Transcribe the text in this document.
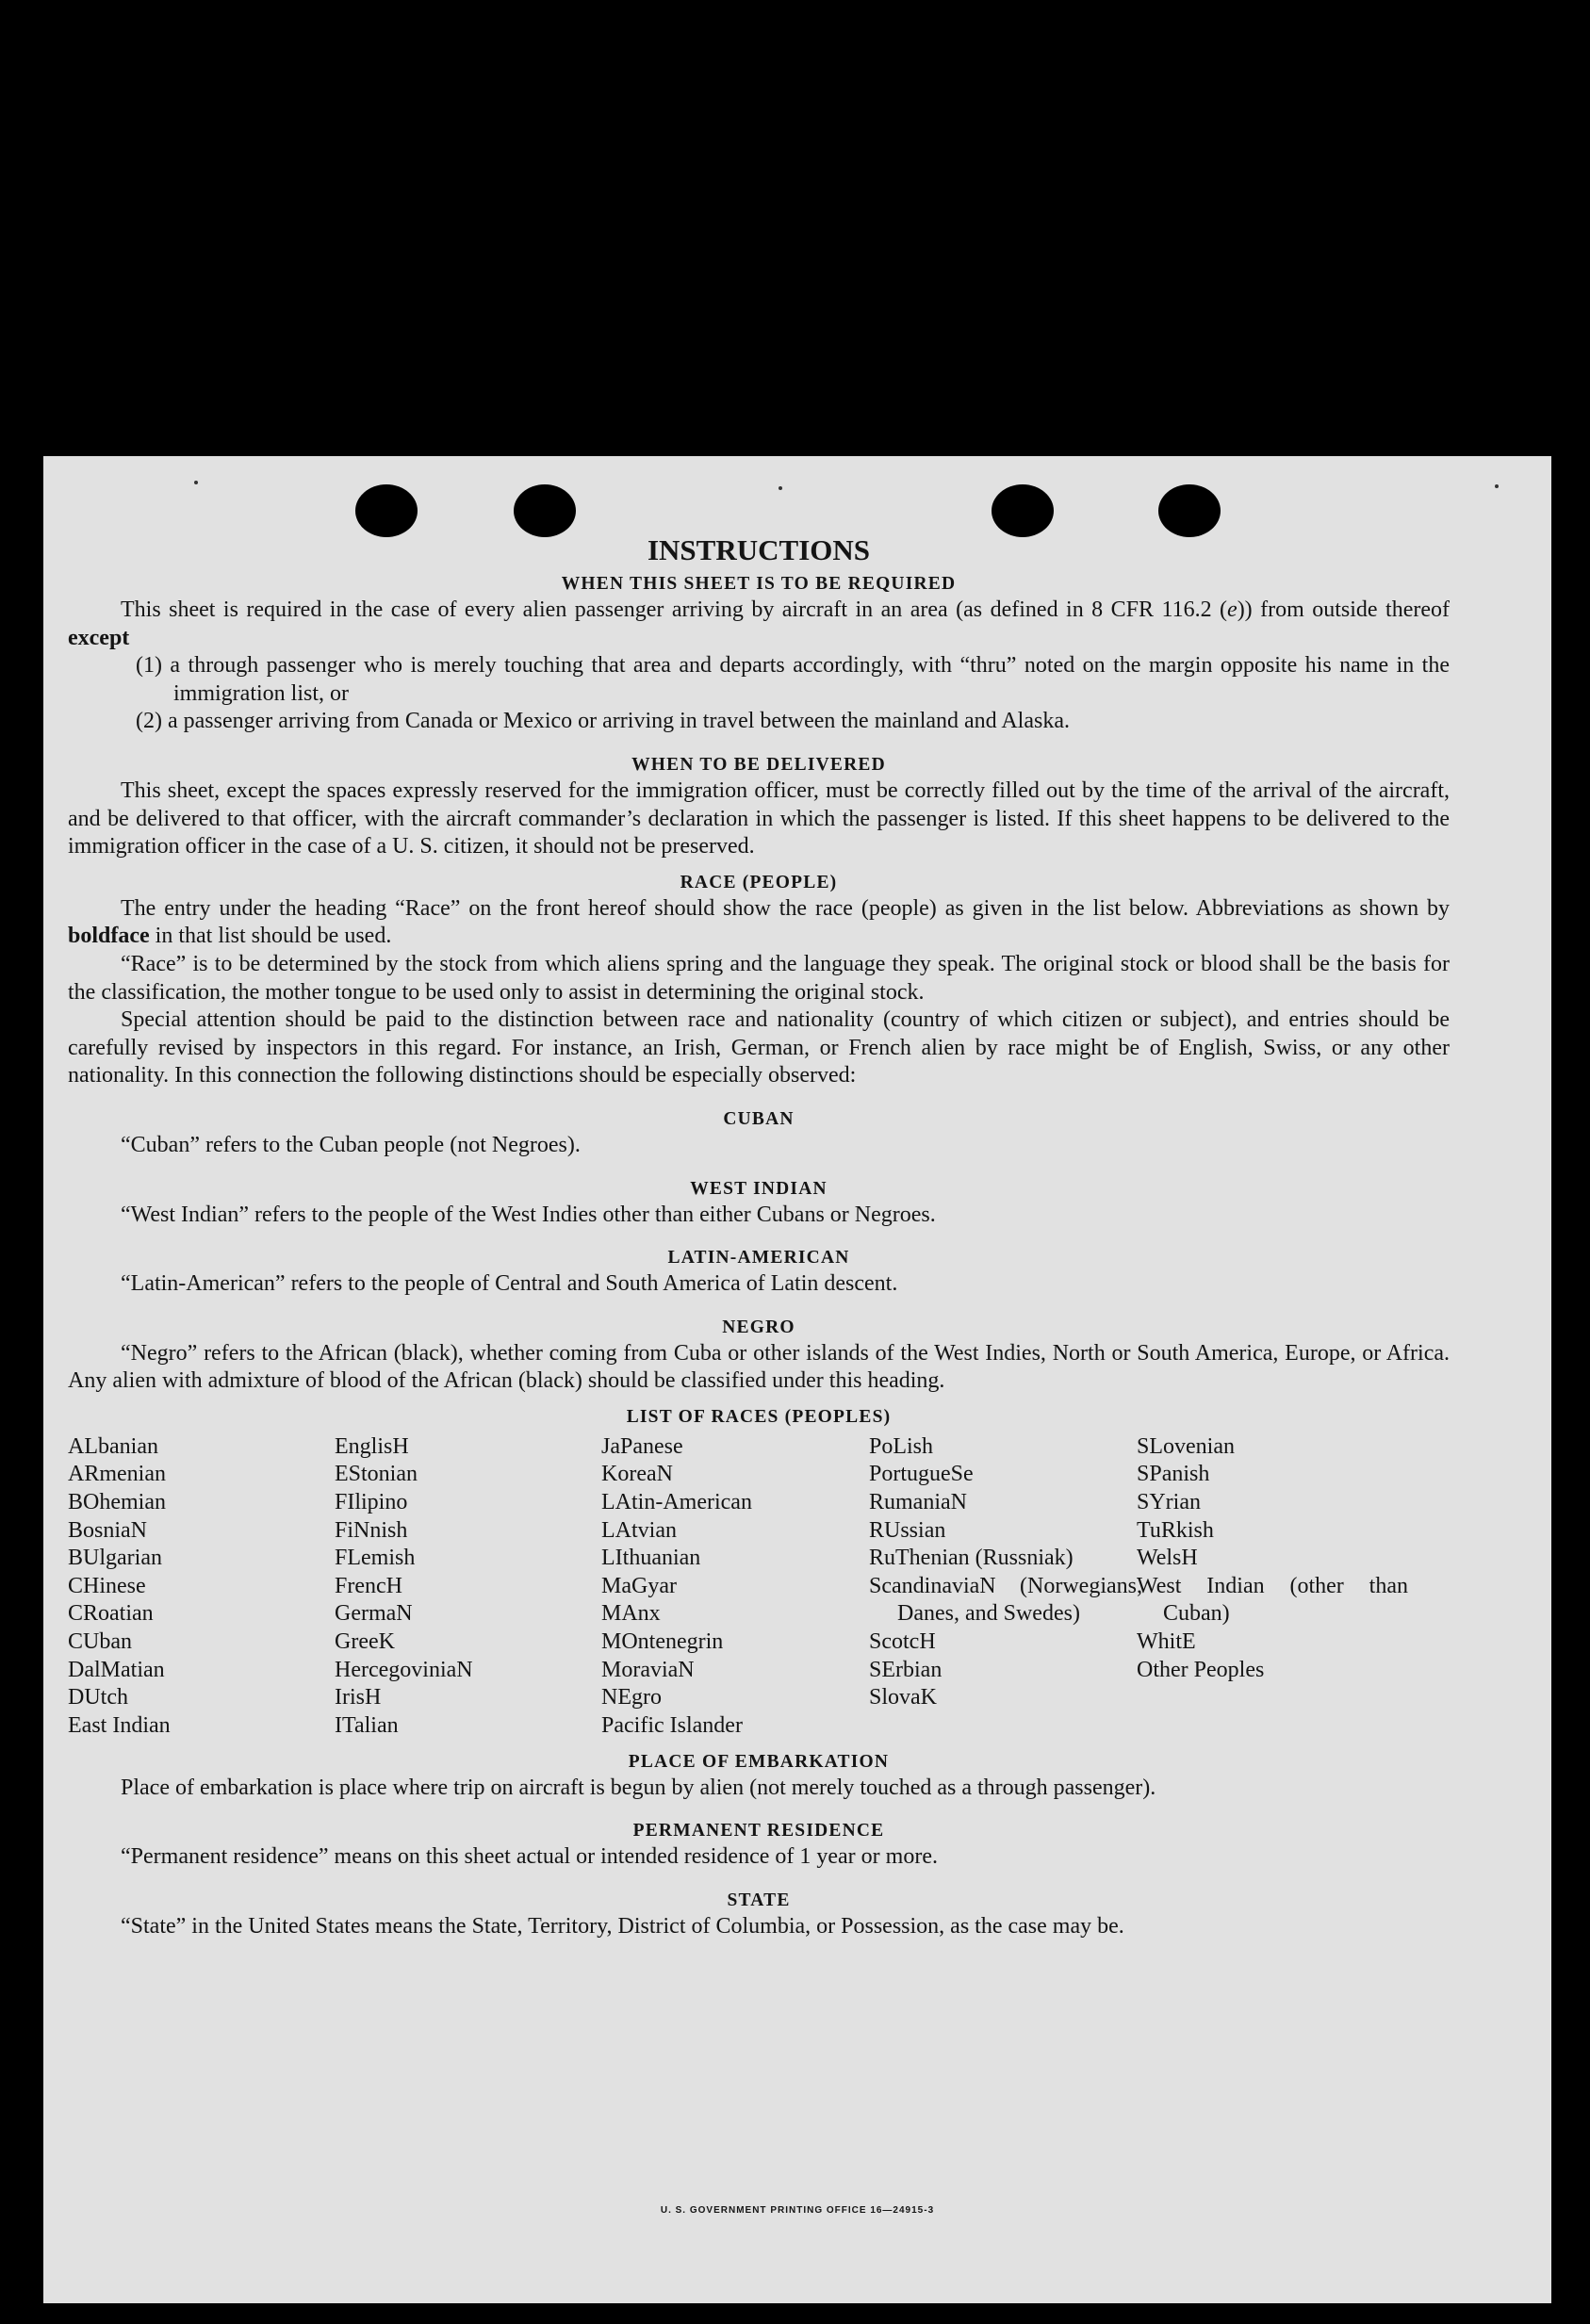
INSTRUCTIONS
WHEN THIS SHEET IS TO BE REQUIRED

This sheet is required in the case of every alien passenger arriving by aircraft in an area (as defined in 8 CFR 116.2 (e)) from outside thereof except

(1) a through passenger who is merely touching that area and departs accordingly, with “thru” noted on the margin opposite his name in the immigration list, or

(2) a passenger arriving from Canada or Mexico or arriving in travel between the mainland and Alaska.

WHEN TO BE DELIVERED

This sheet, except the spaces expressly reserved for the immigration officer, must be correctly filled out by the time of the arrival of the aircraft, and be delivered to that officer, with the aircraft commander’s declaration in which the passenger is listed. If this sheet happens to be delivered to the immigration officer in the case of a U. S. citizen, it should not be preserved.

RACE (PEOPLE)

The entry under the heading “Race” on the front hereof should show the race (people) as given in the list below. Abbreviations as shown by boldface in that list should be used.

“Race” is to be determined by the stock from which aliens spring and the language they speak. The original stock or blood shall be the basis for the classification, the mother tongue to be used only to assist in determining the original stock.

Special attention should be paid to the distinction between race and nationality (country of which citizen or subject), and entries should be carefully revised by inspectors in this regard. For instance, an Irish, German, or French alien by race might be of English, Swiss, or any other nationality. In this connection the following distinctions should be especially observed:

CUBAN

“Cuban” refers to the Cuban people (not Negroes).

WEST INDIAN

“West Indian” refers to the people of the West Indies other than either Cubans or Negroes.

LATIN-AMERICAN

“Latin-American” refers to the people of Central and South America of Latin descent.

NEGRO

“Negro” refers to the African (black), whether coming from Cuba or other islands of the West Indies, North or South America, Europe, or Africa. Any alien with admixture of blood of the African (black) should be classified under this heading.

LIST OF RACES (PEOPLES)
ALbanian
ARmenian
BOhemian
BosniaN
BUlgarian
CHinese
CRoatian
CUban
DalMatian
DUtch
East Indian
EnglisH
EStonian
FIlipino
FiNnish
FLemish
FrencH
GermaN
GreeK
HercegoviniaN
IrisH
ITalian
JaPanese
KoreaN
LAtin-American
LAtvian
LIthuanian
MaGyar
MAnx
MOntenegrin
MoraviaN
NEgro
Pacific Islander
PoLish
PortugueSe
RumaniaN
RUssian
RuThenian (Russniak)
ScandinaviaN (Norwegians, Danes, and Swedes)
ScotcH
SErbian
SlovaK
SLovenian
SPanish
SYrian
TuRkish
WelsH
West Indian (other than Cuban)
WhitE
Other Peoples
PLACE OF EMBARKATION

Place of embarkation is place where trip on aircraft is begun by alien (not merely touched as a through passenger).

PERMANENT RESIDENCE

“Permanent residence” means on this sheet actual or intended residence of 1 year or more.

STATE

“State” in the United States means the State, Territory, District of Columbia, or Possession, as the case may be.

U. S. GOVERNMENT PRINTING OFFICE 16—24915-3
